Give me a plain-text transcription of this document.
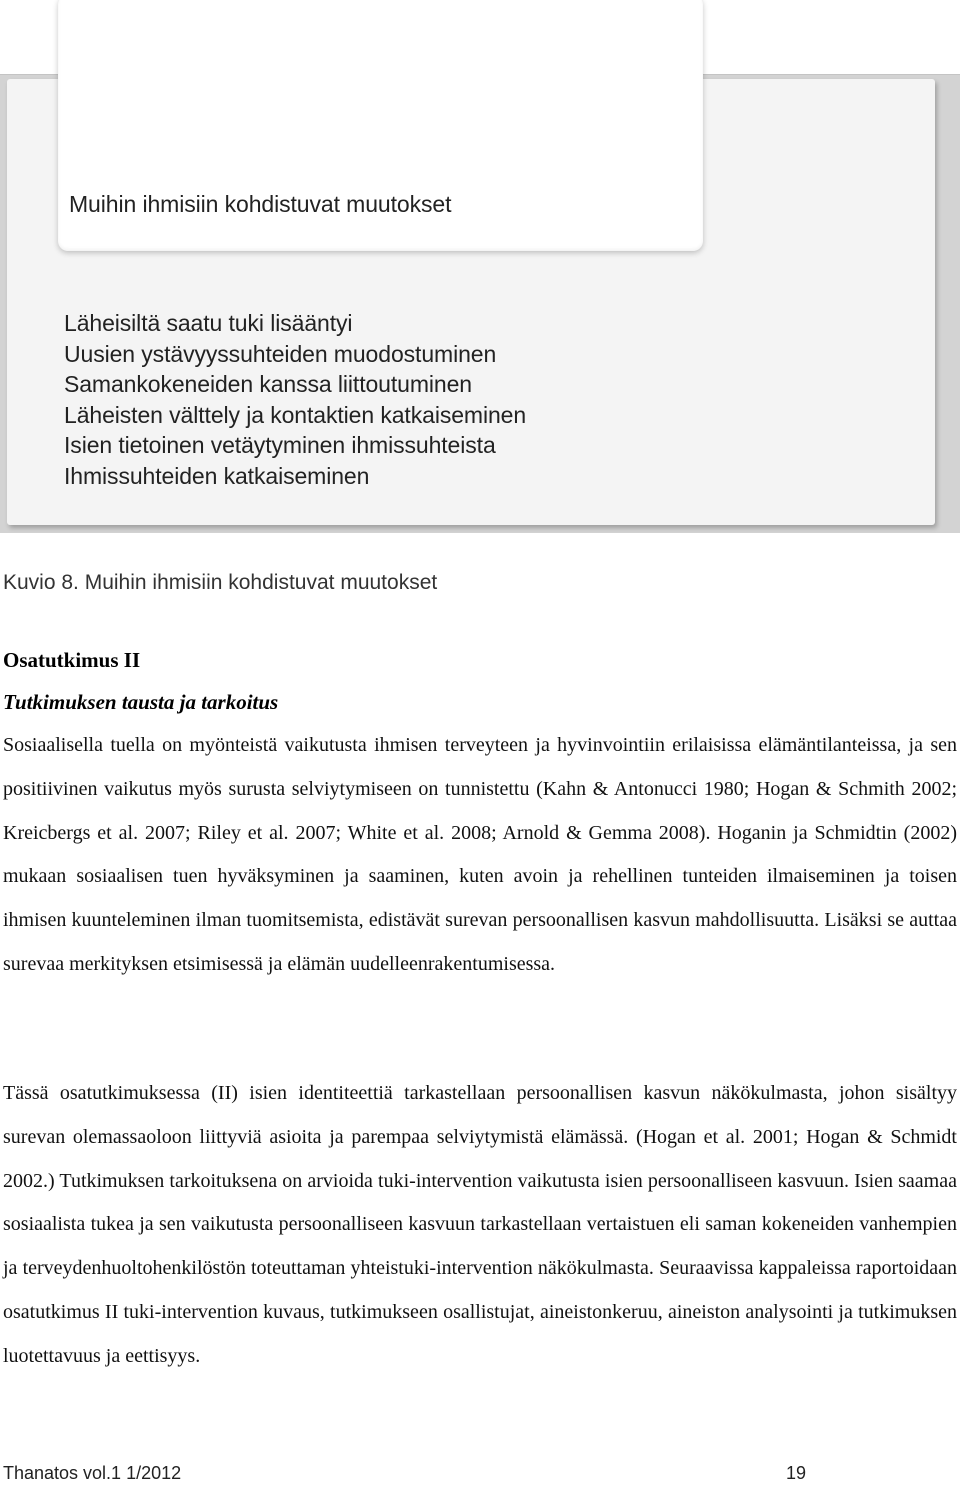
Muihin ihmisiin kohdistuvat muutokset
Läheisiltä saatu tuki lisääntyi
Uusien ystävyyssuhteiden muodostuminen
Samankokeneiden kanssa liittoutuminen
Läheisten välttely ja kontaktien katkaiseminen
Isien tietoinen vetäytyminen ihmissuhteista
Ihmissuhteiden katkaiseminen
Kuvio 8. Muihin ihmisiin kohdistuvat muutokset
Osatutkimus II
Tutkimuksen tausta ja tarkoitus

Sosiaalisella tuella on myönteistä vaikutusta ihmisen terveyteen ja hyvinvointiin erilaisissa elämäntilanteissa, ja sen positiivinen vaikutus myös surusta selviytymiseen on tunnistettu (Kahn & Antonucci 1980; Hogan & Schmith 2002; Kreicbergs et al. 2007; Riley et al. 2007; White et al. 2008; Arnold & Gemma 2008). Hoganin ja Schmidtin (2002) mukaan sosiaalisen tuen hyväksyminen ja saaminen, kuten avoin ja rehellinen tunteiden ilmaiseminen ja toisen ihmisen kuunteleminen ilman tuomitsemista, edistävät surevan persoonallisen kasvun mahdollisuutta. Lisäksi se auttaa surevaa merkityksen etsimisessä ja elämän uudelleenrakentumisessa.

Tässä osatutkimuksessa (II) isien identiteettiä tarkastellaan persoonallisen kasvun näkökulmasta, johon sisältyy surevan olemassaoloon liittyviä asioita ja parempaa selviytymistä elämässä. (Hogan et al. 2001; Hogan & Schmidt 2002.) Tutkimuksen tarkoituksena on arvioida tuki-intervention vaikutusta isien persoonalliseen kasvuun. Isien saamaa sosiaalista tukea ja sen vaikutusta persoonalliseen kasvuun tarkastellaan vertaistuen eli saman kokeneiden vanhempien ja terveydenhuoltohenkilöstön toteuttaman yhteistuki-intervention näkökulmasta. Seuraavissa kappaleissa raportoidaan osatutkimus II tuki-intervention kuvaus, tutkimukseen osallistujat, aineistonkeruu, aineiston analysointi ja tutkimuksen luotettavuus ja eettisyys.

Thanatos vol.1 1/2012	19
